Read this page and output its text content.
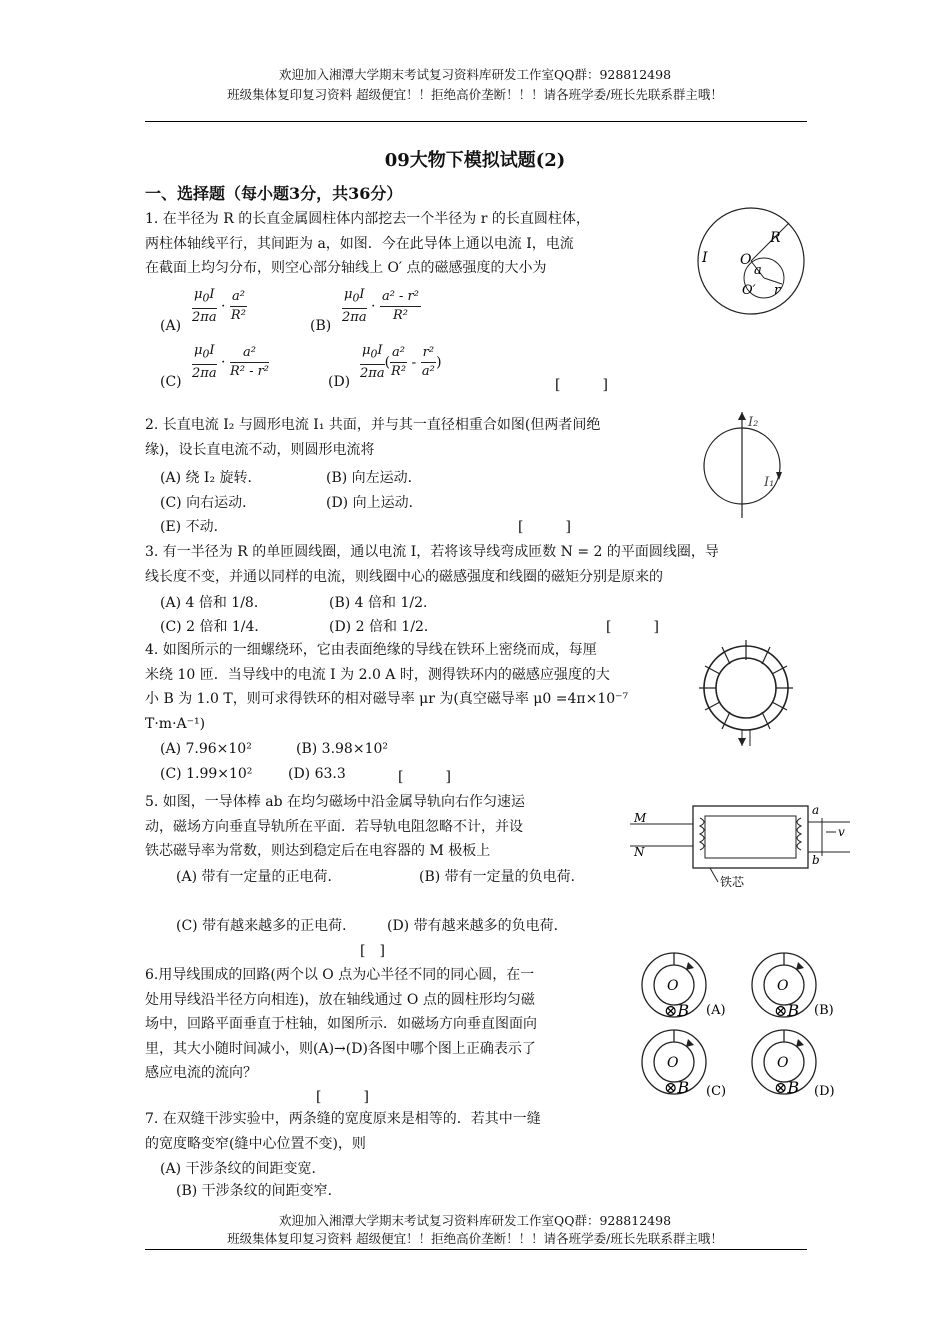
欢迎加入湘潭大学期末考试复习资料库研发工作室QQ群：928812498
班级集体复印复习资料 超级便宜！！拒绝高价垄断！！！请各班学委/班长先联系群主哦！
09大物下模拟试题(2)
一、选择题（每小题3分，共36分）
1. 在半径为 R 的长直金属圆柱体内部挖去一个半径为 r 的长直圆柱体，
两柱体轴线平行，其间距为 a，如图．今在此导体上通以电流 I，电流
在截面上均匀分布，则空心部分轴线上 O′ 点的磁感强度的大小为
$(A) \frac{\mu_0I}{2\pi a} \cdot \frac{\text{a²}}{\text{R²}}$
$(B) \frac{\mu_0I}{2\pi a} \cdot \frac{\text{a² - r²}}{\text{R²}}$
$(C) \frac{\mu_0I}{2\pi a} \cdot \frac{\text{a²}}{\text{R² - r²}}$
$(D) \frac{\mu_0I}{2\pi a}$ ( $\frac{\text{a²}}{\text{R²}} - \frac{\text{r²}}{\text{a²}}$ )
[　　　]
O
R
I
a
O′ r
2. 长直电流 I₂ 与圆形电流 I₁ 共面，并与其一直径相重合如图(但两者间绝
缘)，设长直电流不动，则圆形电流将
(A) 绕 I₂ 旋转．	(B) 向左运动．
(C) 向右运动．	(D) 向上运动．
(E) 不动．	[　　　]
I₂
I₁
3. 有一半径为 R 的单匝圆线圈，通以电流 I，若将该导线弯成匝数 N = 2 的平面圆线圈，导
线长度不变，并通以同样的电流，则线圈中心的磁感强度和线圈的磁矩分别是原来的
(A) 4 倍和 1/8．	(B) 4 倍和 1/2．
(C) 2 倍和 1/4．	(D) 2 倍和 1/2．	[　　　]
4. 如图所示的一细螺绕环，它由表面绝缘的导线在铁环上密绕而成，每厘
米绕 10 匝．当导线中的电流 I 为 2.0 A 时，测得铁环内的磁感应强度的大
小 B 为 1.0 T，则可求得铁环的相对磁导率 μr 为(真空磁导率 μ0 =4π×10⁻⁷
T·m·A⁻¹)
(A) 7.96×10²	(B) 3.98×10²
(C) 1.99×10²	(D) 63.3	[　　　]
5. 如图，一导体棒 ab 在均匀磁场中沿金属导轨向右作匀速运
动，磁场方向垂直导轨所在平面．若导轨电阻忽略不计，并设
铁芯磁导率为常数，则达到稳定后在电容器的 M 极板上
(A) 带有一定量的正电荷．	(B) 带有一定量的负电荷．
(C) 带有越来越多的正电荷． (D) 带有越来越多的负电荷．
[　]
M
N
a
b
v
铁芯
6.用导线围成的回路(两个以 O 点为心半径不同的同心圆，在一
处用导线沿半径方向相连)，放在轴线通过 O 点的圆柱形均匀磁
场中，回路平面垂直于柱轴，如图所示．如磁场方向垂直图面向
里，其大小随时间减小，则(A)→(D)各图中哪个图上正确表示了
感应电流的流向？
[　　　]
O
⊗B (A)
O
⊗B (B)
O
⊗B (C)
O
⊗B (D)
7. 在双缝干涉实验中，两条缝的宽度原来是相等的．若其中一缝
的宽度略变窄(缝中心位置不变)，则
(A) 干涉条纹的间距变宽．
(B) 干涉条纹的间距变窄．
欢迎加入湘潭大学期末考试复习资料库研发工作室QQ群：928812498
班级集体复印复习资料 超级便宜！！拒绝高价垄断！！！请各班学委/班长先联系群主哦！
